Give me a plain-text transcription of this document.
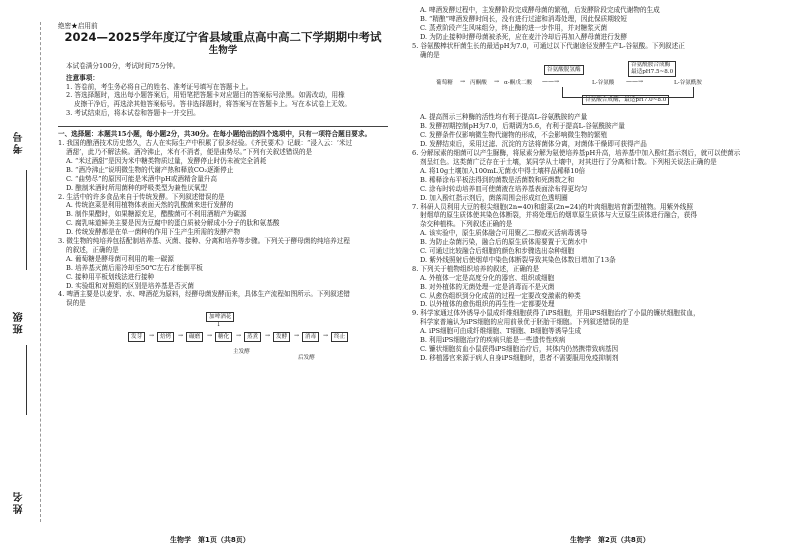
考号
班级
姓名
绝密★启用前
2024—2025学年度辽宁省县域重点高中高二下学期期中考试
生物学
本试卷满分100分，考试时间75分钟。
注意事项：
1. 答卷前，考生务必将自己的姓名、准考证号填写在答题卡上。
2. 答选择题时，选出每小题答案后，用铅笔把答题卡对应题目的答案标号涂黑。如需改动，用橡
皮擦干净后，再选涂其他答案标号。答非选择题时，将答案写在答题卡上。写在本试卷上无效。
3. 考试结束后，将本试卷和答题卡一并交回。
一、选择题：本题共15小题，每小题2分，共30分。在每小题给出的四个选项中，只有一项符合题目要求。
1. 我国的酿酒技术历史悠久，古人在实际生产中积累了很多经验。《齐民要术》记载：“浸入云：‘米过
酒甜’，此乃不解法候。酒冷沸止，米有不消者，便是曲势尽。”下列有关叙述错误的是
A. “米过酒甜”是因为米中糖类物质过量，发酵停止时仍未被完全消耗
B. “酒冷沸止”说明微生物的代谢产热和释放CO₂逐渐停止
C. “曲势尽”的原因可能是米酒中pH或酒精含量升高
D. 酿制米酒时所用菌种的呼吸类型为兼性厌氧型
2. 生活中的许多食品来自于传统发酵。下列叙述错误的是
A. 传统泡菜是利用植物体表面天然的乳酸菌来进行发酵的
B. 制作果醋时，如果糖源充足，醋酸菌可不利用酒精产为碳源
C. 腐乳味道鲜美主要是因为豆腐中的蛋白质被分解成小分子的肽和氨基酸
D. 传统发酵都是在单一菌种的作用下生产生所需的发酵产物
3. 微生物的纯培养包括配制培养基、灭菌、接种、分离和培养等步骤。下列关于酵母菌的纯培养过程
的叙述，正确的是
A. 葡萄糖是酵母菌可利用的唯一碳源
B. 培养基灭菌后需冷却至50℃左右才能倒平板
C. 接种用平板划线法进行接种
D. 实验组和对照组的区别是培养基是否灭菌
4. 啤酒主要是以麦芽、水、啤酒花为原料，经酵母菌发酵而来，具体生产流程如图所示。下列叙述错
误的是
加啤酒花
↓
发芽	→	焙烤	→	碾磨	→	糖化	→	蒸煮	→	发酵	→	消毒	→	终止
主发酵
后发酵
生物学　第1页（共8页）
A. 啤酒发酵过程中，主发酵阶段完成酵母菌的繁殖，后发酵阶段完成代谢物的生成
B. “精酿”啤酒发酵时间长，没有进行过滤和消毒处理，因此保质期较短
C. 蒸煮阶段产生风味组分，终止酶的进一步作用，并对糖浆灭菌
D. 为防止接种时酵母菌被杀死，应在麦汁冷却后再加入酵母菌进行发酵
5. 谷氨酸棒状杆菌生长的最适pH为7.0，可通过以下代谢途径发酵生产L-谷氨酸。下列叙述正
确的是
葡萄糖 → 丙酮酸 → α-酮戊二酸
谷氨酸脱氢酶
——→	L-谷氨酸
谷氨酰胺合成酶
最适pH7.5~8.0
——→	L-谷氨酰胺
谷氨酸合成酶，最适pH7.0~8.0
A. 提高图示三种酶的活性均有利于提高L-谷氨酰胺的产量
B. 发酵初期控制pH为7.0，后期调为5.6，有利于提高L-谷氨酰胺产量
C. 发酵条件仅影响微生物代谢物的形成，不会影响微生物的繁殖
D. 发酵结束后，采用过滤、沉淀的方法将菌体分离，对菌体干燥即可获得产品
6. 分解尿素的细菌可以产生脲酶，将尿素分解为氨使培养基pH升高，培养基中加入酚红指示剂后，就可以使菌示
剂呈红色。这类菌广泛存在于土壤，某同学从土壤中，对其进行了分离和计数。下列相关说法正确的是
A. 将10g土壤加入100mL无菌水中得土壤样品稀释10倍
B. 稀释涂布平板法得到的菌数是活菌数和死菌数之和
C. 涂布时转动培养皿可使菌液在培养基表面涂布得更均匀
D. 加入酚红指示剂后，菌落周围会形成红色透明圈
7. 科研人员利用大豆的根尖细胞(2n=40)和甜菜(2n=24)的叶肉细胞培育新型植物。用紫外线照
射烟草的原生质体使其染色体断裂，并将处理后的烟草原生质体与大豆原生质体进行融合，获得
杂交种植株。下列叙述正确的是
A. 该实验中，原生质体融合可用聚乙二醇或灭活病毒诱导
B. 为防止杂菌污染，融合后的原生质体需要置于无菌水中
C. 可通过比较融合后细胞的颜色和步骤选出杂种细胞
D. 紫外线照射后使烟草中染色体断裂导致其染色体数目增加了13条
8. 下列关于植物组织培养的叙述，正确的是
A. 外植体一定是高度分化的器官、组织或细胞
B. 对外植体的无菌处理一定是消毒而不是灭菌
C. 从愈伤组织到分化成苗的过程一定要改变激素的种类
D. 以外植体的愈伤组织的再生性一定都要处理
9. 科学家通过体外诱导小鼠成纤维细胞获得了iPS细胞，并用iPS细胞治疗了小鼠的镰状细胞贫血，
科学家普遍认为iPS细胞的应用前景优于胚胎干细胞。下列叙述错误的是
A. iPS细胞可由成纤维细胞、T细胞、B细胞等诱导生成
B. 利用iPS细胞治疗的疾病只能是一些遗传性疾病
C. 镰状细胞贫血小鼠获得iPS细胞治疗后，其体内仍然携带致病基因
D. 移植器官来源于病人自身iPS细胞时，患者不需要服用免疫抑制剂
生物学　第2页（共8页）
